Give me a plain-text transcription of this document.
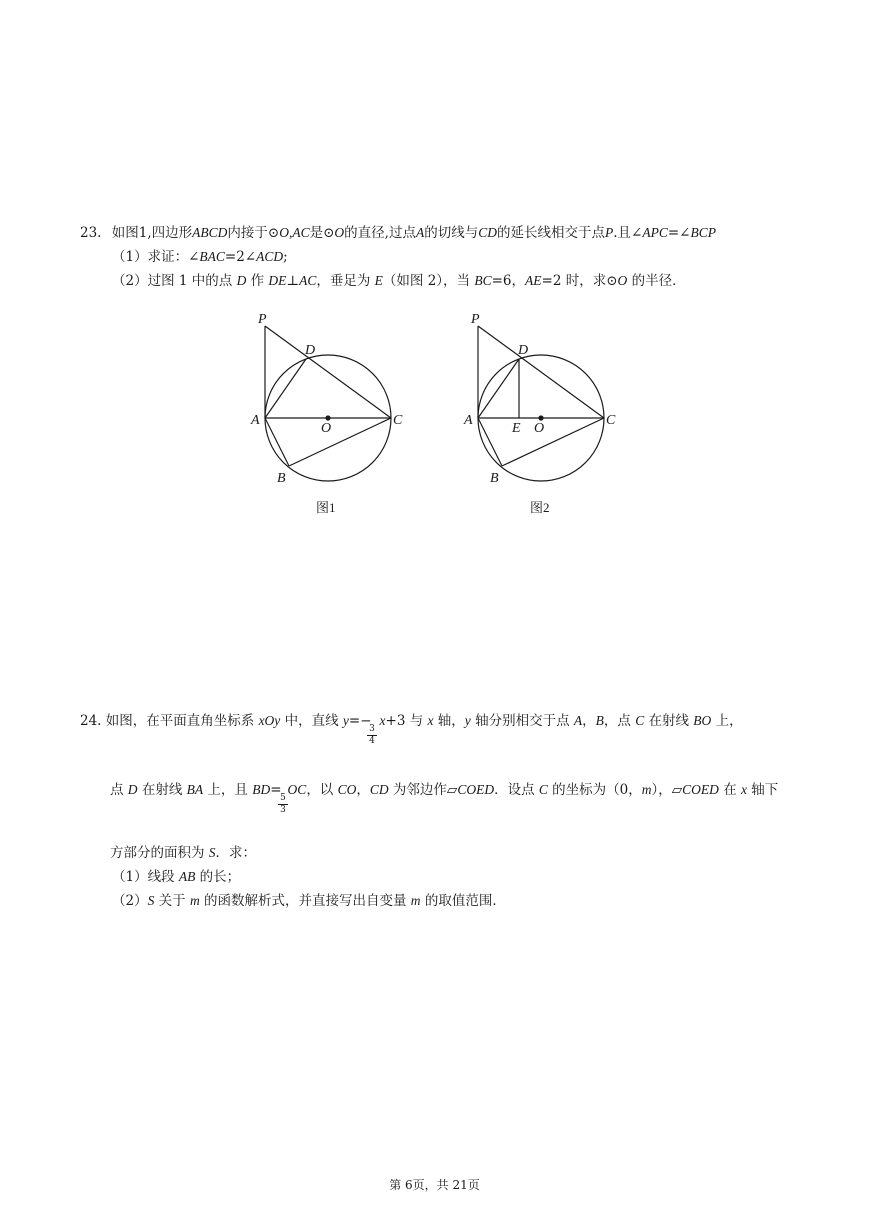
23. 如图1,四边形ABCD内接于⊙O,AC是⊙O的直径,过点A的切线与CD的延长线相交于点P.且∠APC=∠BCP
（1）求证：∠BAC=2∠ACD;
（2）过图 1 中的点 D 作 DE⊥AC，垂足为 E（如图 2），当 BC=6，AE=2 时，求⊙O 的半径．
P
D
A
O
C
B
P
D
A
E O
C
B
图1	图2
24. 如图，在平面直角坐标系 xOy 中，直线 y=− x+3 与 x 轴，y 轴分别相交于点 A，B，点 C 在射线 BO 上，
3
4
点 D 在射线 BA 上，且 BD= OC，以 CO，CD 为邻边作▱COED．设点 C 的坐标为（0，m），▱COED 在 x 轴下
5
3
方部分的面积为 S．求：
（1）线段 AB 的长；
（2）S 关于 m 的函数解析式，并直接写出自变量 m 的取值范围．
第 6页，共 21页
